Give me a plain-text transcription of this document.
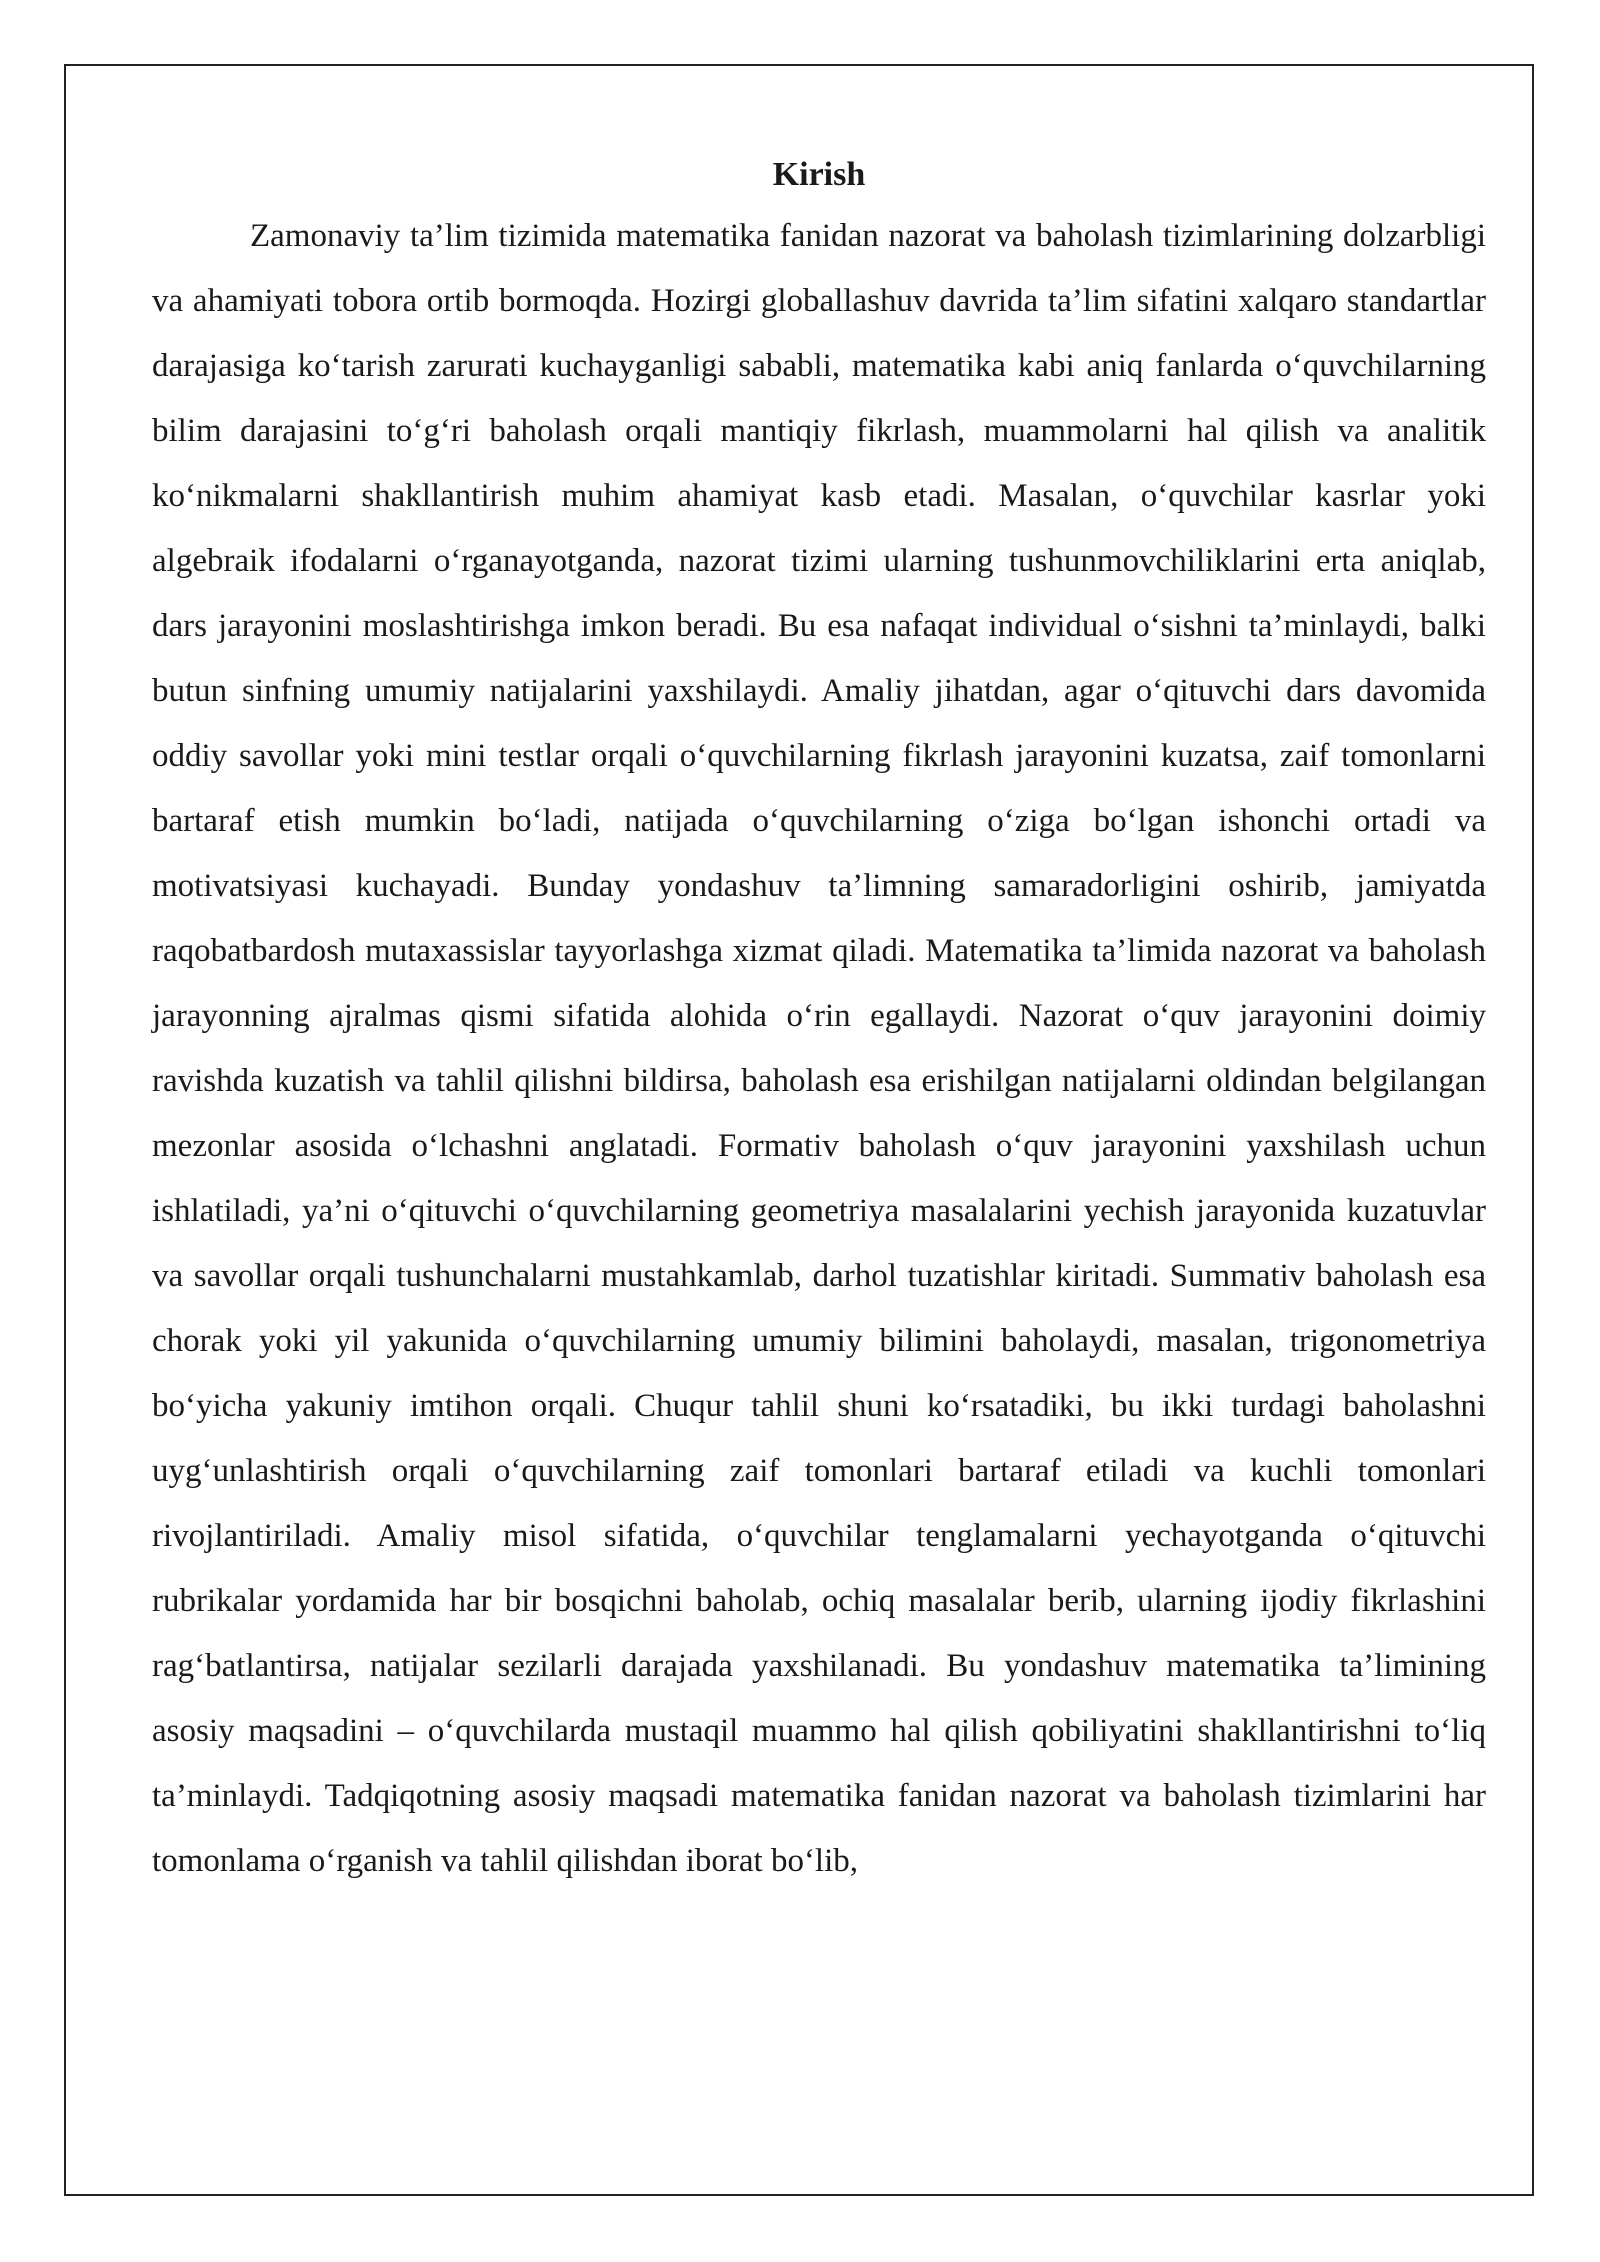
Kirish

Zamonaviy ta’lim tizimida matematika fanidan nazorat va baholash tizimlarining dolzarbligi va ahamiyati tobora ortib bormoqda. Hozirgi globallashuv davrida ta’lim sifatini xalqaro standartlar darajasiga ko‘tarish zarurati kuchayganligi sababli, matematika kabi aniq fanlarda o‘quvchilarning bilim darajasini to‘g‘ri baholash orqali mantiqiy fikrlash, muammolarni hal qilish va analitik ko‘nikmalarni shakllantirish muhim ahamiyat kasb etadi. Masalan, o‘quvchilar kasrlar yoki algebraik ifodalarni o‘rganayotganda, nazorat tizimi ularning tushunmovchiliklarini erta aniqlab, dars jarayonini moslashtirishga imkon beradi. Bu esa nafaqat individual o‘sishni ta’minlaydi, balki butun sinfning umumiy natijalarini yaxshilaydi. Amaliy jihatdan, agar o‘qituvchi dars davomida oddiy savollar yoki mini testlar orqali o‘quvchilarning fikrlash jarayonini kuzatsa, zaif tomonlarni bartaraf etish mumkin bo‘ladi, natijada o‘quvchilarning o‘ziga bo‘lgan ishonchi ortadi va motivatsiyasi kuchayadi. Bunday yondashuv ta’limning samaradorligini oshirib, jamiyatda raqobatbardosh mutaxassislar tayyorlashga xizmat qiladi. Matematika ta’limida nazorat va baholash jarayonning ajralmas qismi sifatida alohida o‘rin egallaydi. Nazorat o‘quv jarayonini doimiy ravishda kuzatish va tahlil qilishni bildirsa, baholash esa erishilgan natijalarni oldindan belgilangan mezonlar asosida o‘lchashni anglatadi. Formativ baholash o‘quv jarayonini yaxshilash uchun ishlatiladi, ya’ni o‘qituvchi o‘quvchilarning geometriya masalalarini yechish jarayonida kuzatuvlar va savollar orqali tushunchalarni mustahkamlab, darhol tuzatishlar kiritadi. Summativ baholash esa chorak yoki yil yakunida o‘quvchilarning umumiy bilimini baholaydi, masalan, trigonometriya bo‘yicha yakuniy imtihon orqali. Chuqur tahlil shuni ko‘rsatadiki, bu ikki turdagi baholashni uyg‘unlashtirish orqali o‘quvchilarning zaif tomonlari bartaraf etiladi va kuchli tomonlari rivojlantiriladi. Amaliy misol sifatida, o‘quvchilar tenglamalarni yechayotganda o‘qituvchi rubrikalar yordamida har bir bosqichni baholab, ochiq masalalar berib, ularning ijodiy fikrlashini rag‘batlantirsa, natijalar sezilarli darajada yaxshilanadi. Bu yondashuv matematika ta’limining asosiy maqsadini – o‘quvchilarda mustaqil muammo hal qilish qobiliyatini shakllantirishni to‘liq ta’minlaydi. Tadqiqotning asosiy maqsadi matematika fanidan nazorat va baholash tizimlarini har tomonlama o‘rganish va tahlil qilishdan iborat bo‘lib,
